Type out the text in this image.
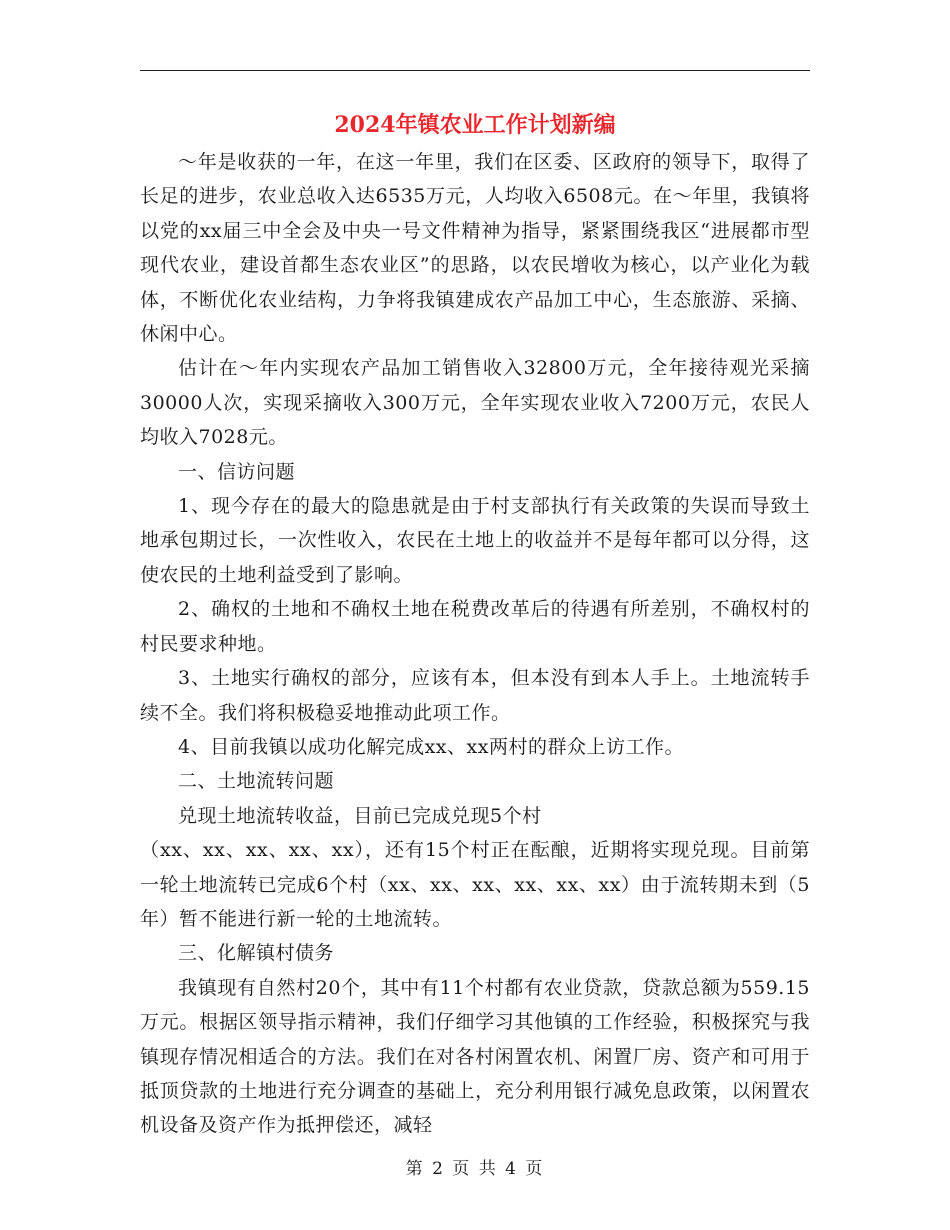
2024年镇农业工作计划新编

～年是收获的一年，在这一年里，我们在区委、区政府的领导下，取得了长足的进步，农业总收入达6535万元，人均收入6508元。在～年里，我镇将以党的xx届三中全会及中央一号文件精神为指导，紧紧围绕我区“进展都市型现代农业，建设首都生态农业区”的思路，以农民增收为核心，以产业化为载体，不断优化农业结构，力争将我镇建成农产品加工中心，生态旅游、采摘、休闲中心。

估计在～年内实现农产品加工销售收入32800万元，全年接待观光采摘30000人次，实现采摘收入300万元，全年实现农业收入7200万元，农民人均收入7028元。

一、信访问题

1、现今存在的最大的隐患就是由于村支部执行有关政策的失误而导致土地承包期过长，一次性收入，农民在土地上的收益并不是每年都可以分得，这使农民的土地利益受到了影响。

2、确权的土地和不确权土地在税费改革后的待遇有所差别，不确权村的村民要求种地。

3、土地实行确权的部分，应该有本，但本没有到本人手上。土地流转手续不全。我们将积极稳妥地推动此项工作。

4、目前我镇以成功化解完成xx、xx两村的群众上访工作。

二、土地流转问题

兑现土地流转收益，目前已完成兑现5个村

（xx、xx、xx、xx、xx），还有15个村正在酝酿，近期将实现兑现。目前第一轮土地流转已完成6个村（xx、xx、xx、xx、xx、xx）由于流转期未到（5年）暂不能进行新一轮的土地流转。

三、化解镇村债务

我镇现有自然村20个，其中有11个村都有农业贷款，贷款总额为559.15万元。根据区领导指示精神，我们仔细学习其他镇的工作经验，积极探究与我镇现存情况相适合的方法。我们在对各村闲置农机、闲置厂房、资产和可用于抵顶贷款的土地进行充分调查的基础上，充分利用银行减免息政策，以闲置农机设备及资产作为抵押偿还，减轻

第 2 页 共 4 页
